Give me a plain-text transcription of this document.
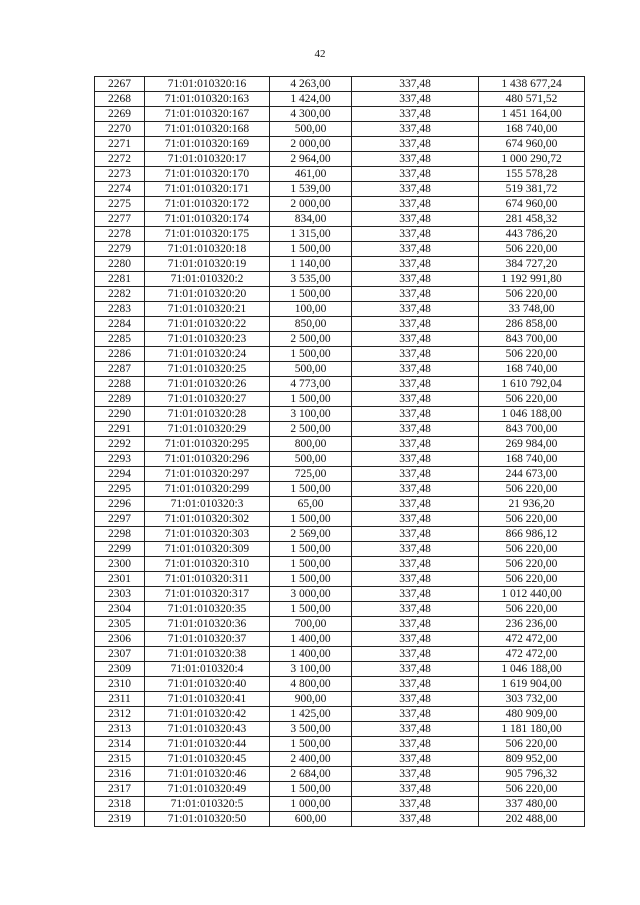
42
2267	71:01:010320:16	4 263,00	337,48	1 438 677,24
2268	71:01:010320:163	1 424,00	337,48	480 571,52
2269	71:01:010320:167	4 300,00	337,48	1 451 164,00
2270	71:01:010320:168	500,00	337,48	168 740,00
2271	71:01:010320:169	2 000,00	337,48	674 960,00
2272	71:01:010320:17	2 964,00	337,48	1 000 290,72
2273	71:01:010320:170	461,00	337,48	155 578,28
2274	71:01:010320:171	1 539,00	337,48	519 381,72
2275	71:01:010320:172	2 000,00	337,48	674 960,00
2277	71:01:010320:174	834,00	337,48	281 458,32
2278	71:01:010320:175	1 315,00	337,48	443 786,20
2279	71:01:010320:18	1 500,00	337,48	506 220,00
2280	71:01:010320:19	1 140,00	337,48	384 727,20
2281	71:01:010320:2	3 535,00	337,48	1 192 991,80
2282	71:01:010320:20	1 500,00	337,48	506 220,00
2283	71:01:010320:21	100,00	337,48	33 748,00
2284	71:01:010320:22	850,00	337,48	286 858,00
2285	71:01:010320:23	2 500,00	337,48	843 700,00
2286	71:01:010320:24	1 500,00	337,48	506 220,00
2287	71:01:010320:25	500,00	337,48	168 740,00
2288	71:01:010320:26	4 773,00	337,48	1 610 792,04
2289	71:01:010320:27	1 500,00	337,48	506 220,00
2290	71:01:010320:28	3 100,00	337,48	1 046 188,00
2291	71:01:010320:29	2 500,00	337,48	843 700,00
2292	71:01:010320:295	800,00	337,48	269 984,00
2293	71:01:010320:296	500,00	337,48	168 740,00
2294	71:01:010320:297	725,00	337,48	244 673,00
2295	71:01:010320:299	1 500,00	337,48	506 220,00
2296	71:01:010320:3	65,00	337,48	21 936,20
2297	71:01:010320:302	1 500,00	337,48	506 220,00
2298	71:01:010320:303	2 569,00	337,48	866 986,12
2299	71:01:010320:309	1 500,00	337,48	506 220,00
2300	71:01:010320:310	1 500,00	337,48	506 220,00
2301	71:01:010320:311	1 500,00	337,48	506 220,00
2303	71:01:010320:317	3 000,00	337,48	1 012 440,00
2304	71:01:010320:35	1 500,00	337,48	506 220,00
2305	71:01:010320:36	700,00	337,48	236 236,00
2306	71:01:010320:37	1 400,00	337,48	472 472,00
2307	71:01:010320:38	1 400,00	337,48	472 472,00
2309	71:01:010320:4	3 100,00	337,48	1 046 188,00
2310	71:01:010320:40	4 800,00	337,48	1 619 904,00
2311	71:01:010320:41	900,00	337,48	303 732,00
2312	71:01:010320:42	1 425,00	337,48	480 909,00
2313	71:01:010320:43	3 500,00	337,48	1 181 180,00
2314	71:01:010320:44	1 500,00	337,48	506 220,00
2315	71:01:010320:45	2 400,00	337,48	809 952,00
2316	71:01:010320:46	2 684,00	337,48	905 796,32
2317	71:01:010320:49	1 500,00	337,48	506 220,00
2318	71:01:010320:5	1 000,00	337,48	337 480,00
2319	71:01:010320:50	600,00	337,48	202 488,00
